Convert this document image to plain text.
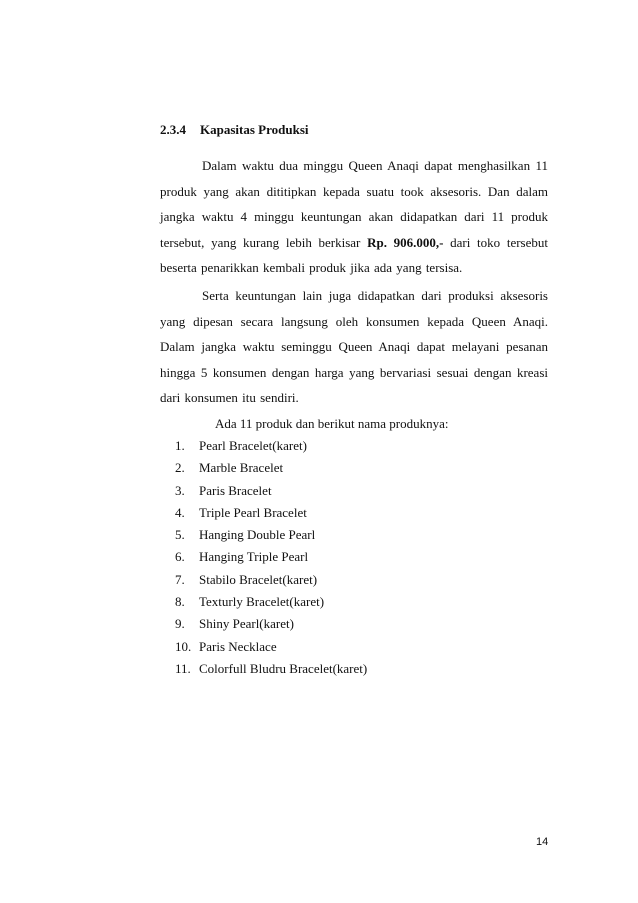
2.3.4 Kapasitas Produksi
Dalam waktu dua minggu Queen Anaqi dapat menghasilkan 11 produk yang akan dititipkan kepada suatu took aksesoris. Dan dalam jangka waktu 4 minggu keuntungan akan didapatkan dari 11 produk tersebut, yang kurang lebih berkisar Rp. 906.000,- dari toko tersebut beserta penarikkan kembali produk jika ada yang tersisa.
Serta keuntungan lain juga didapatkan dari produksi aksesoris yang dipesan secara langsung oleh konsumen kepada Queen Anaqi. Dalam jangka waktu seminggu Queen Anaqi dapat melayani pesanan hingga 5 konsumen dengan harga yang bervariasi sesuai dengan kreasi dari konsumen itu sendiri.
Ada 11 produk dan berikut nama produknya:
1. Pearl Bracelet(karet)
2. Marble Bracelet
3. Paris Bracelet
4. Triple Pearl Bracelet
5. Hanging Double Pearl
6. Hanging Triple Pearl
7. Stabilo Bracelet(karet)
8. Texturly Bracelet(karet)
9. Shiny Pearl(karet)
10. Paris Necklace
11. Colorfull Bludru Bracelet(karet)
14
